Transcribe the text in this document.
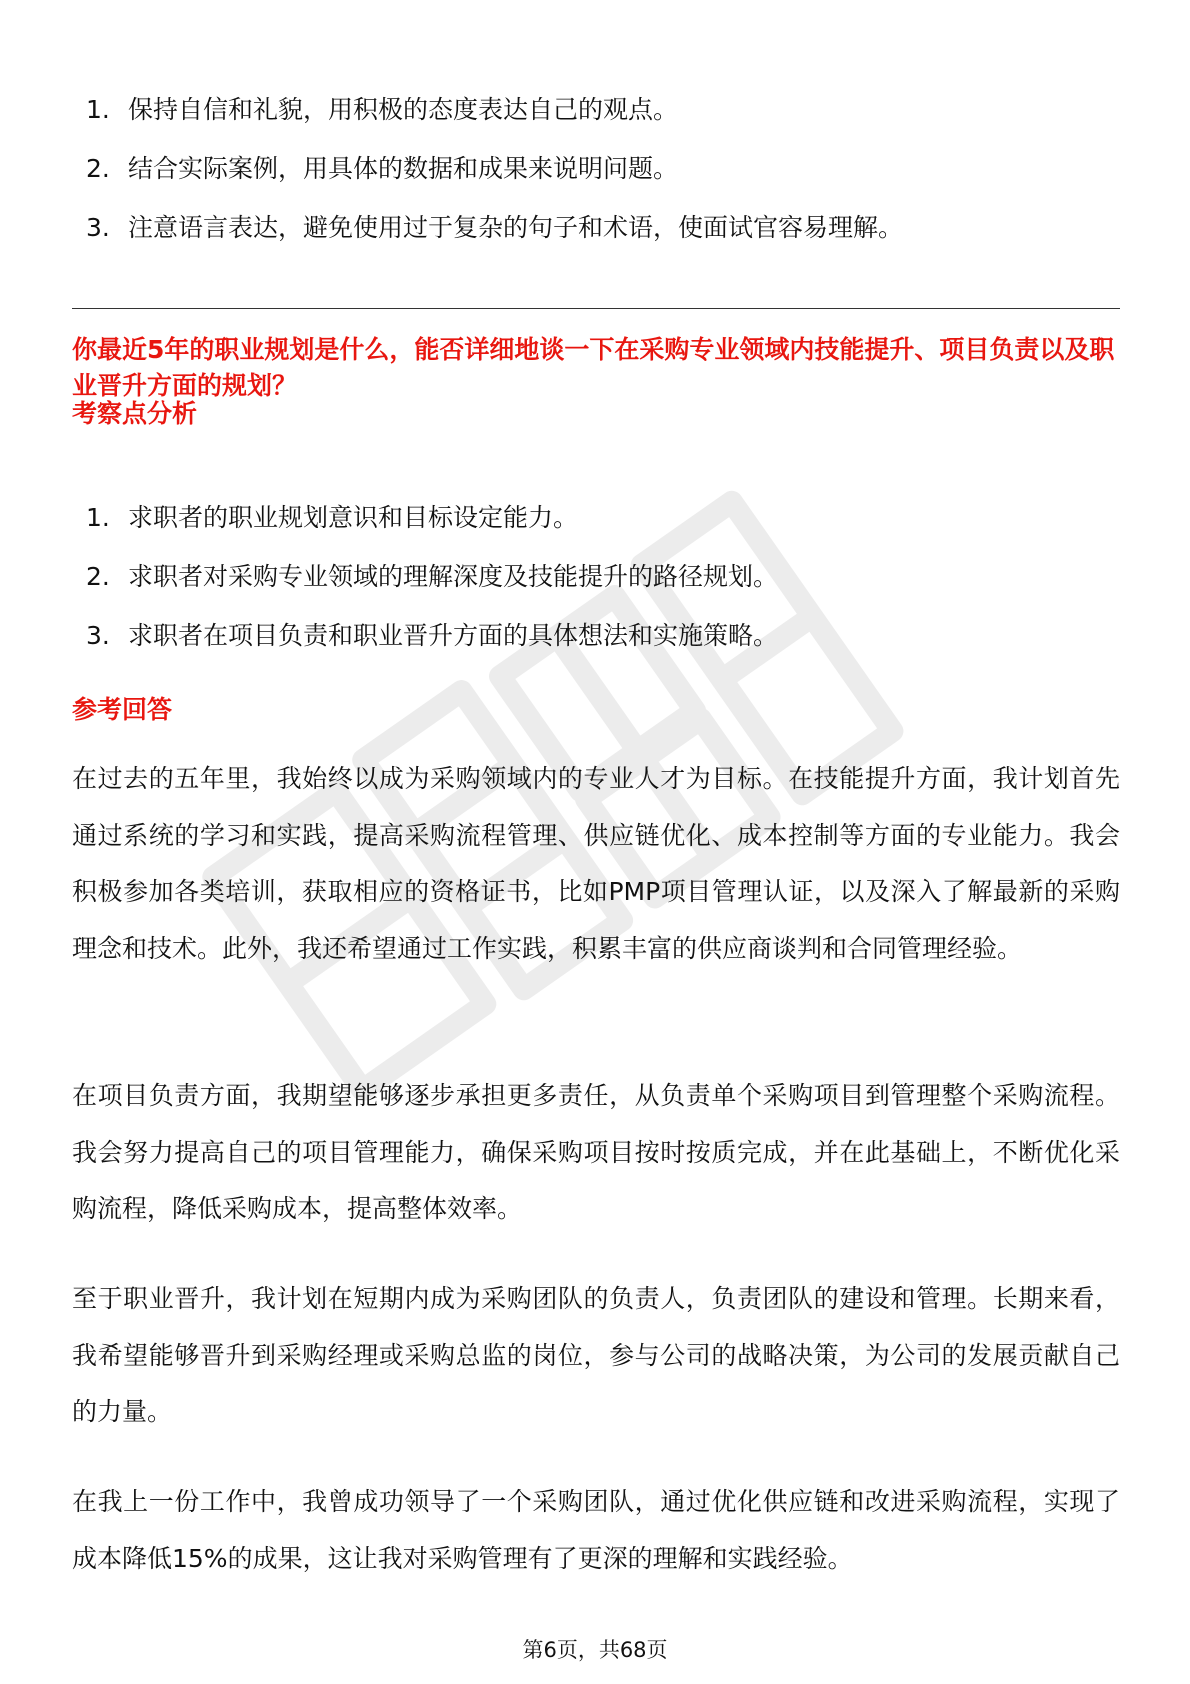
1. 保持自信和礼貌，用积极的态度表达自己的观点。
2. 结合实际案例，用具体的数据和成果来说明问题。
3. 注意语言表达，避免使用过于复杂的句子和术语，使面试官容易理解。
你最近5年的职业规划是什么，能否详细地谈一下在采购专业领域内技能提升、项目负责以及职业晋升方面的规划？
考察点分析
1. 求职者的职业规划意识和目标设定能力。
2. 求职者对采购专业领域的理解深度及技能提升的路径规划。
3. 求职者在项目负责和职业晋升方面的具体想法和实施策略。
参考回答

在过去的五年里，我始终以成为采购领域内的专业人才为目标。在技能提升方面，我计划首先通过系统的学习和实践，提高采购流程管理、供应链优化、成本控制等方面的专业能力。我会积极参加各类培训，获取相应的资格证书，比如PMP项目管理认证，以及深入了解最新的采购理念和技术。此外，我还希望通过工作实践，积累丰富的供应商谈判和合同管理经验。

在项目负责方面，我期望能够逐步承担更多责任，从负责单个采购项目到管理整个采购流程。我会努力提高自己的项目管理能力，确保采购项目按时按质完成，并在此基础上，不断优化采购流程，降低采购成本，提高整体效率。

至于职业晋升，我计划在短期内成为采购团队的负责人，负责团队的建设和管理。长期来看，我希望能够晋升到采购经理或采购总监的岗位，参与公司的战略决策，为公司的发展贡献自己的力量。

在我上一份工作中，我曾成功领导了一个采购团队，通过优化供应链和改进采购流程，实现了成本降低15%的成果，这让我对采购管理有了更深的理解和实践经验。

第6页，共68页
